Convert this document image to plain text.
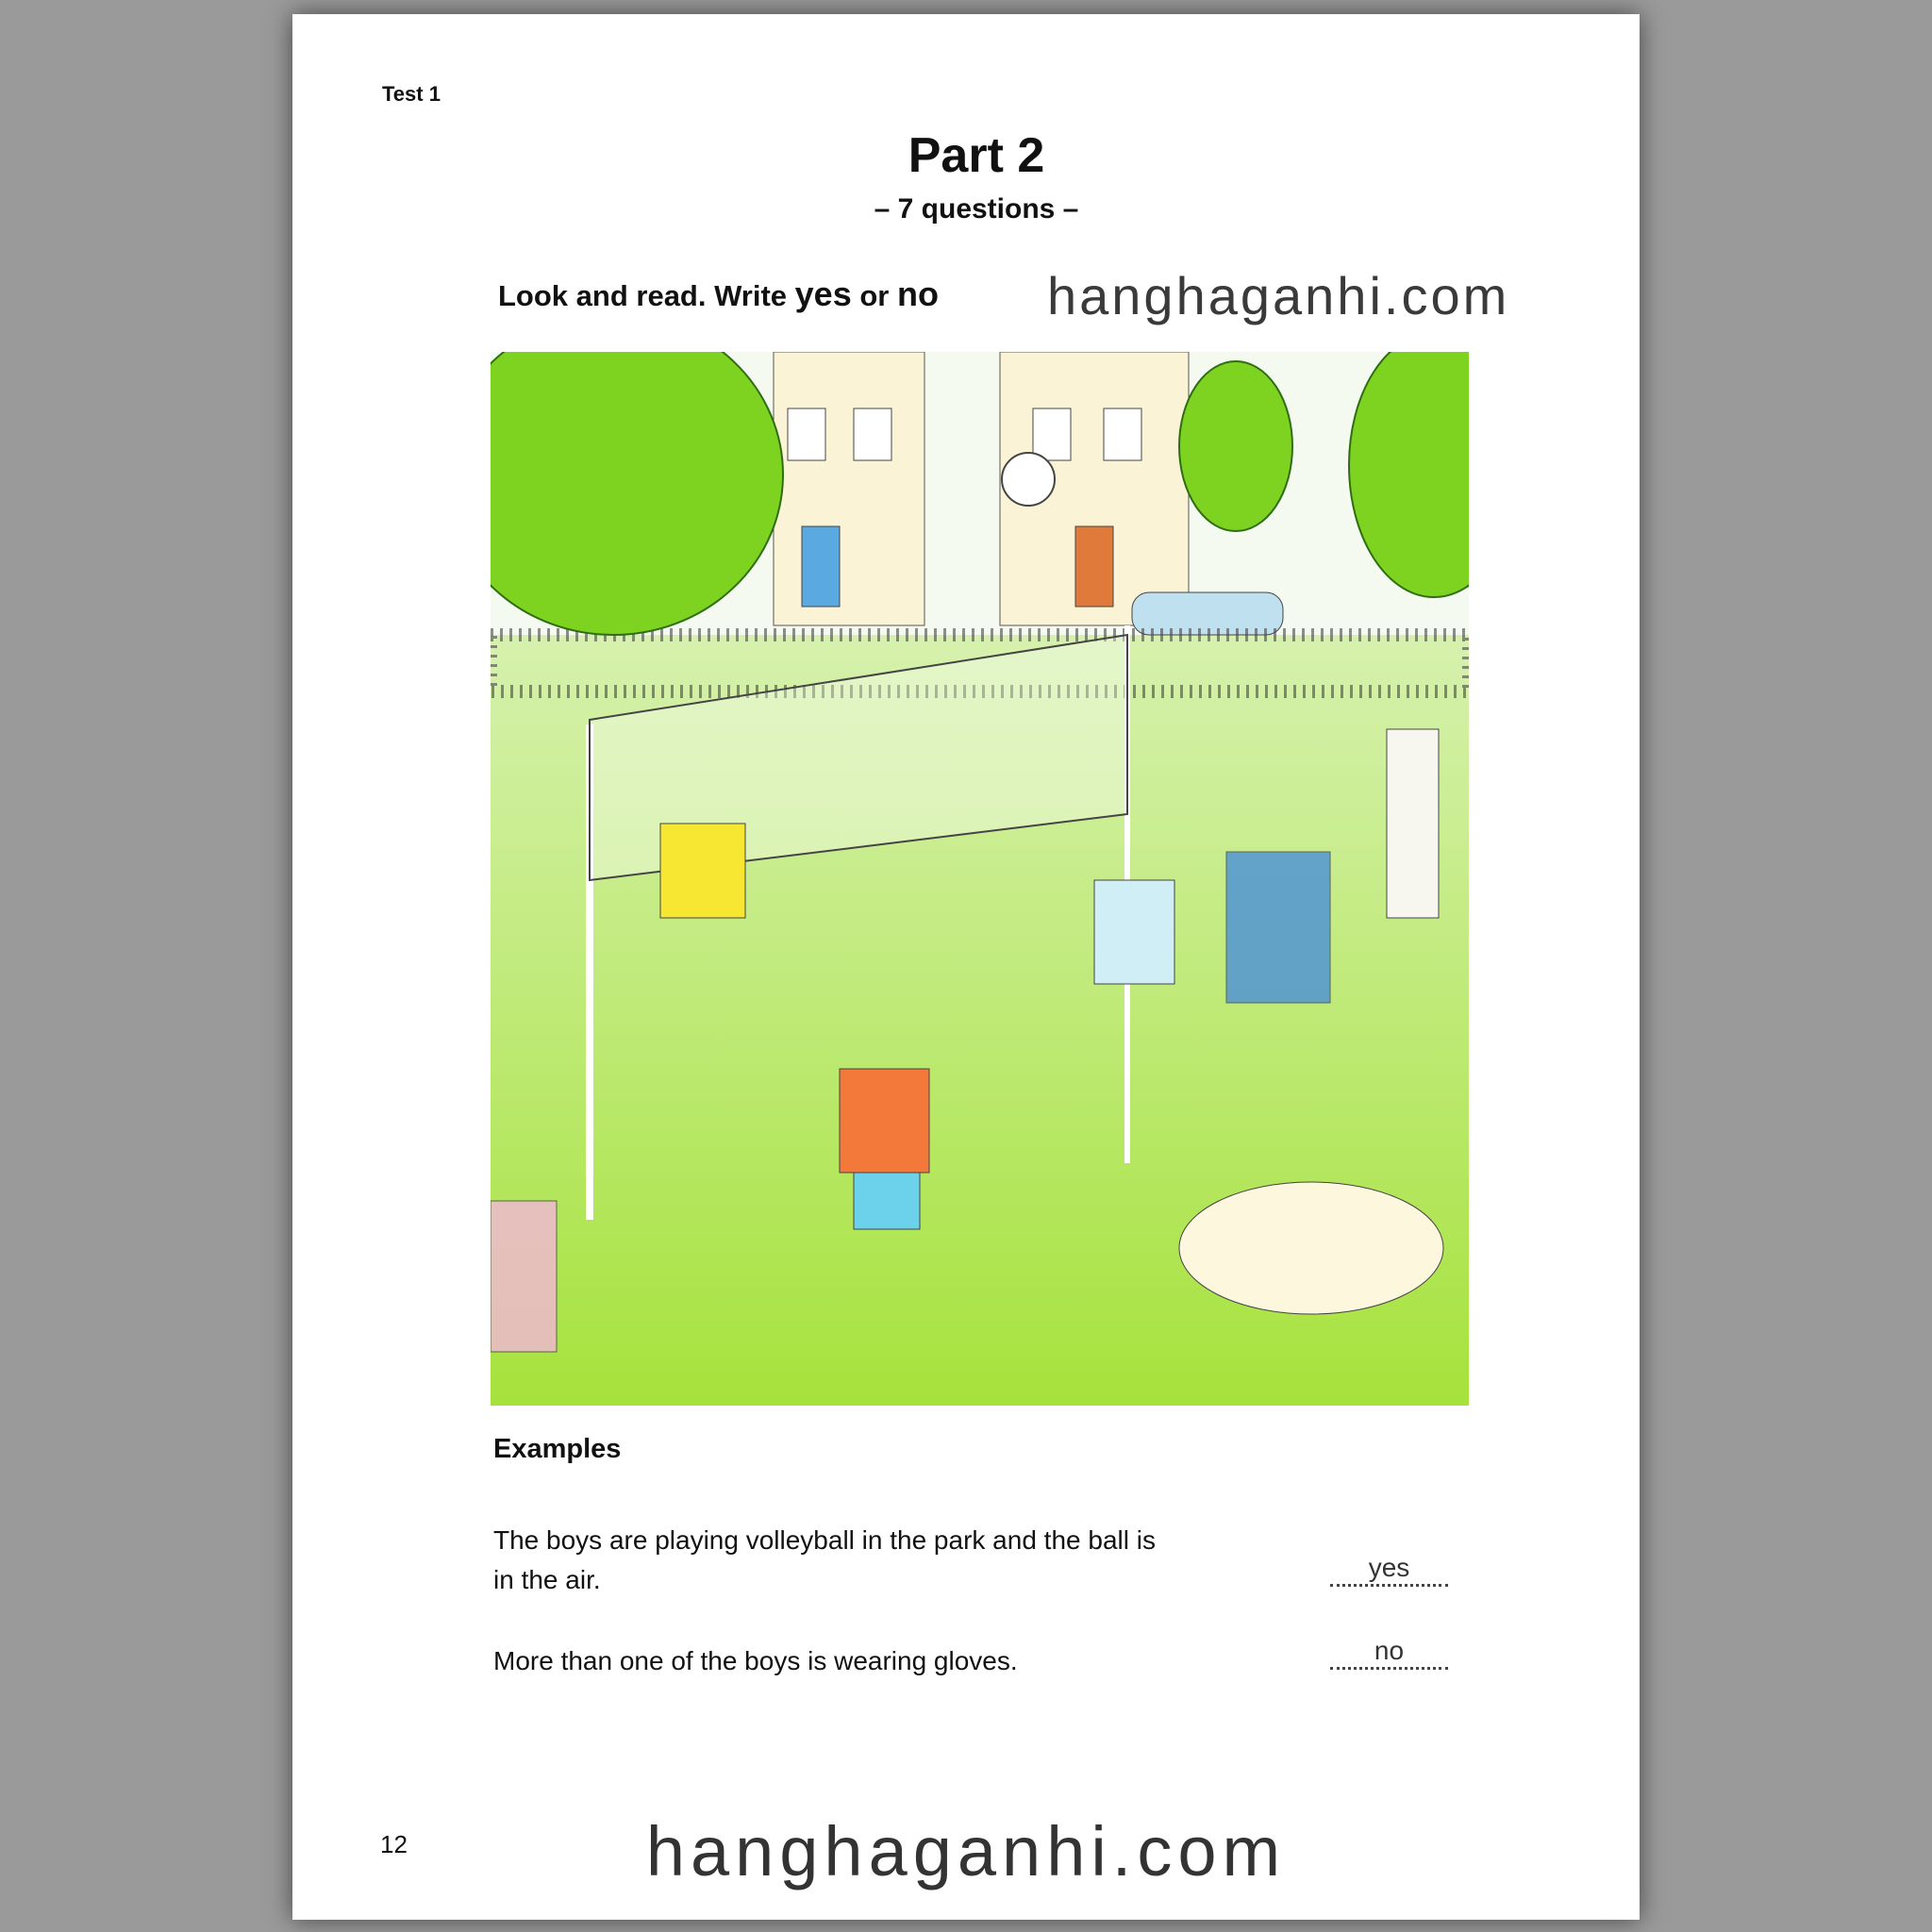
Test 1
Part 2
– 7 questions –
Look and read. Write yes or no hanghaganhi.com
Examples
The boys are playing volleyball in the park and the ball is
in the air.	yes
More than one of the boys is wearing gloves.	no
12	hanghaganhi.com
